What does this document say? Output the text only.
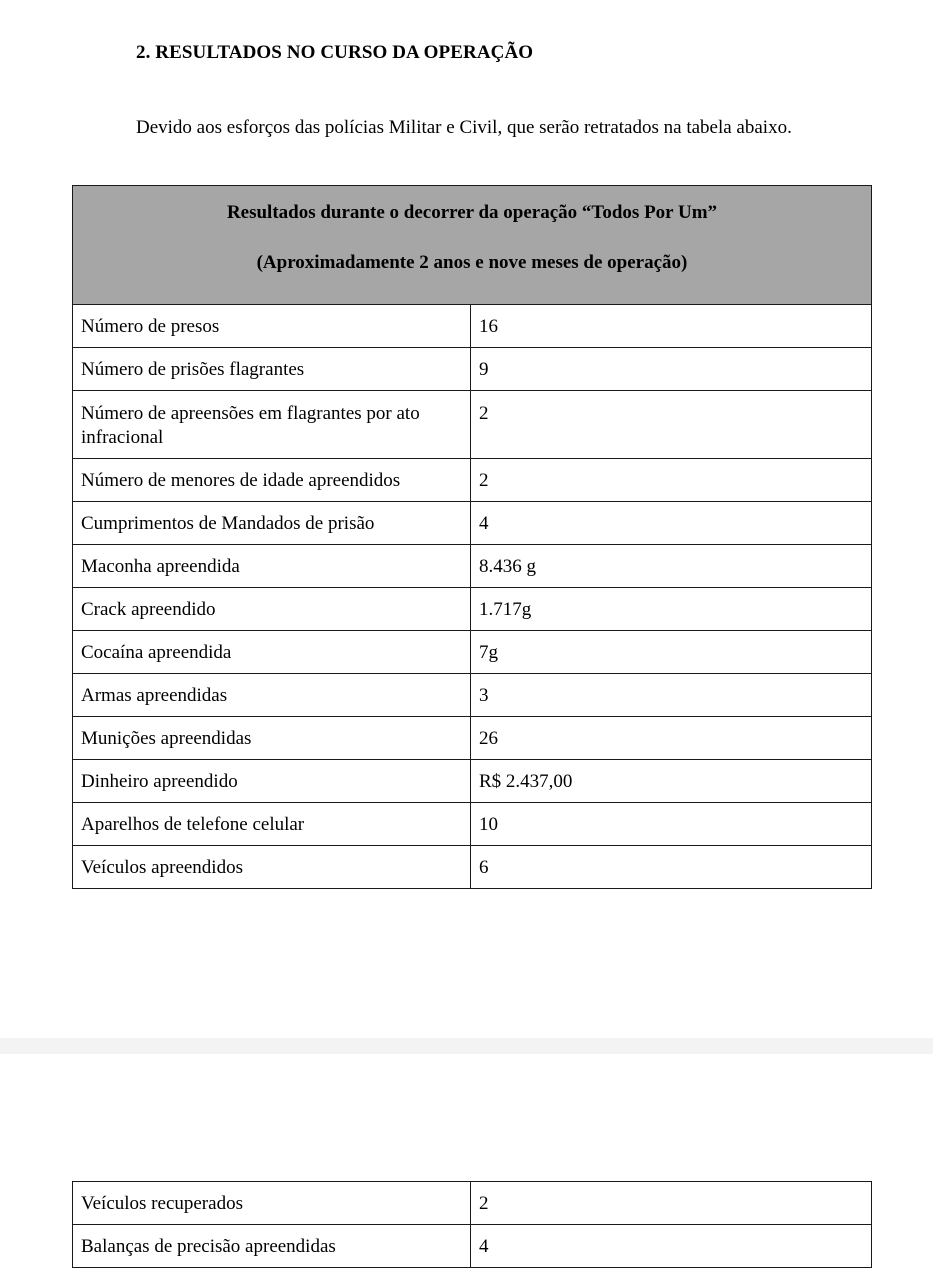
2. RESULTADOS NO CURSO DA OPERAÇÃO
Devido aos esforços das polícias Militar e Civil, que serão retratados na tabela abaixo.
Resultados durante o decorrer da operação “Todos Por Um”
(Aproximadamente 2 anos e nove meses de operação)	

Número de presos	16
Número de prisões flagrantes	9
Número de apreensões em flagrantes por ato infracional	2
Número de menores de idade apreendidos	2
Cumprimentos de Mandados de prisão	4
Maconha apreendida	8.436 g
Crack apreendido	1.717g
Cocaína apreendida	7g
Armas apreendidas	3
Munições apreendidas	26
Dinheiro apreendido	R$ 2.437,00
Aparelhos de telefone celular	10
Veículos apreendidos	6
Veículos recuperados	2
Balanças de precisão apreendidas	4
